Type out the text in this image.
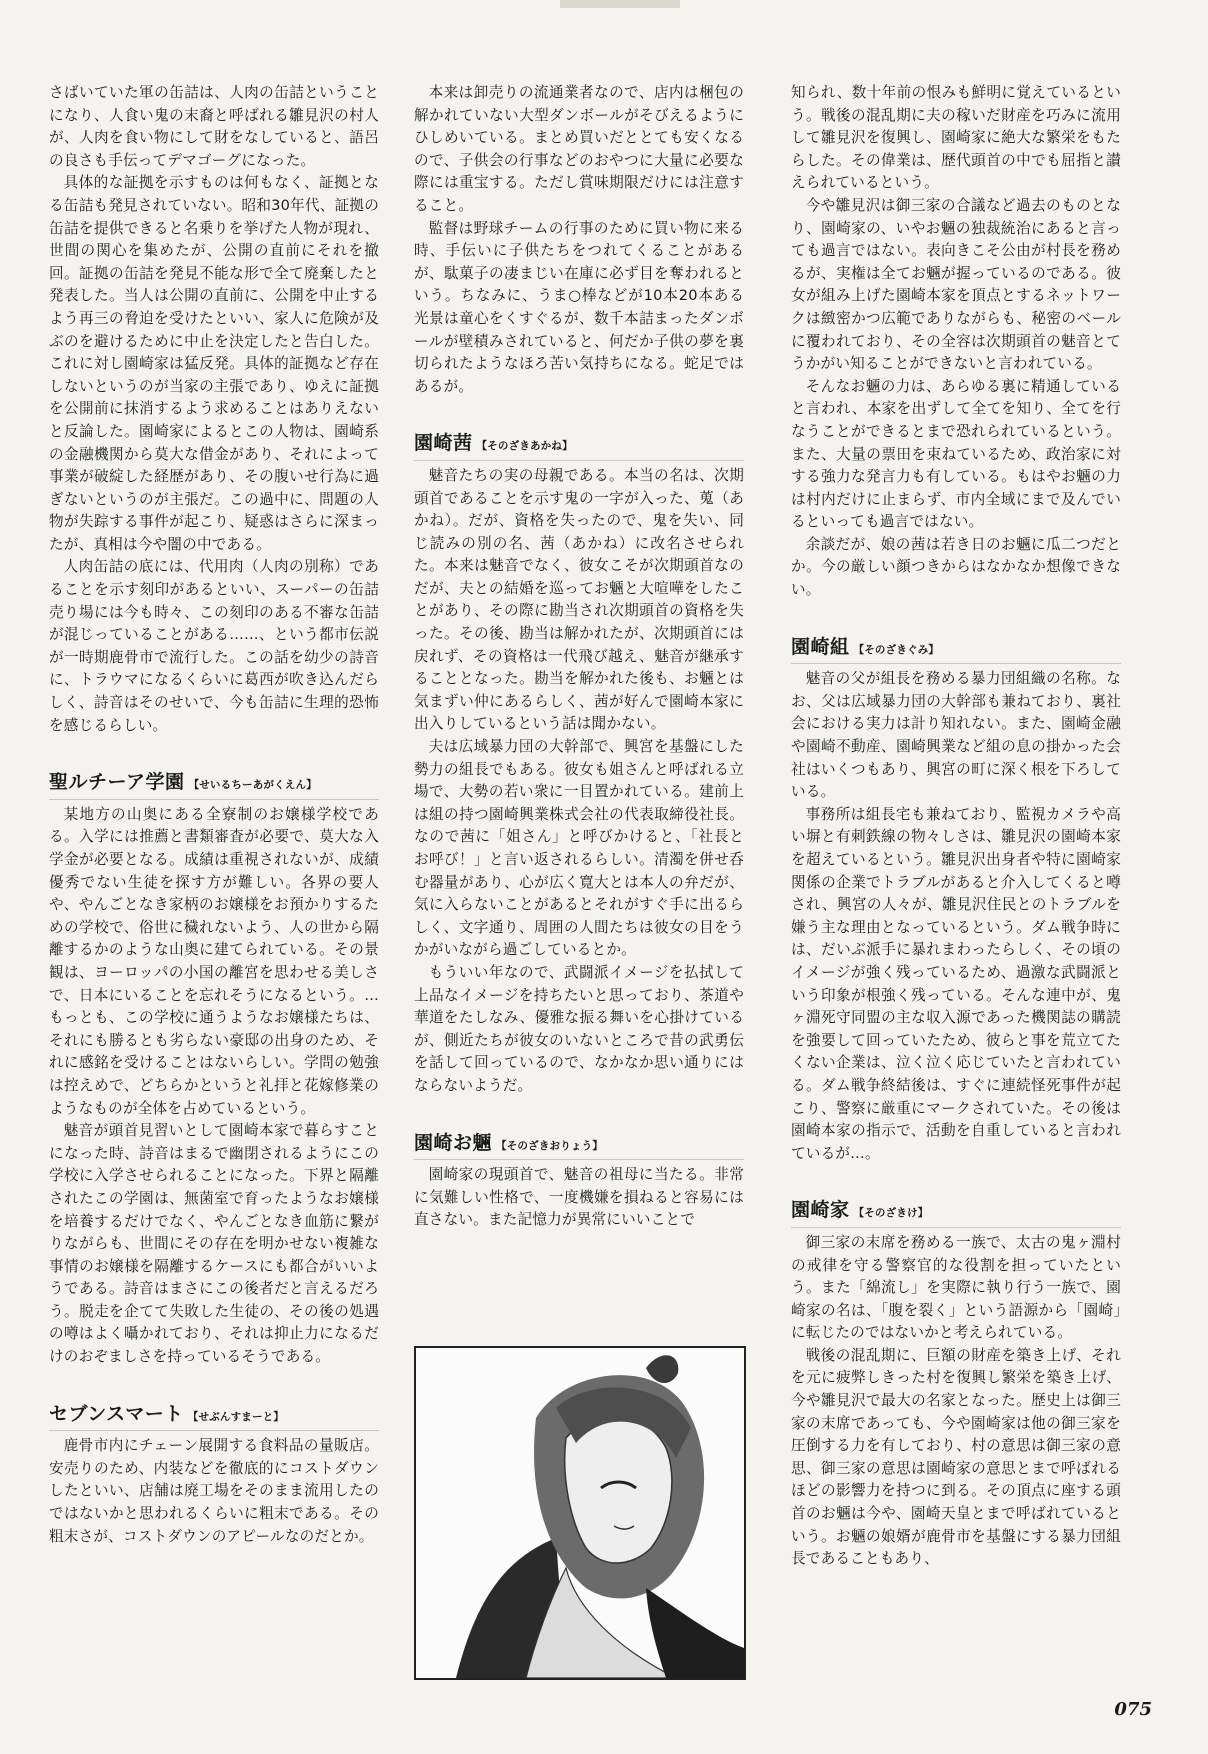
さばいていた軍の缶詰は、人肉の缶詰ということになり、人食い鬼の末裔と呼ばれる雛見沢の村人が、人肉を食い物にして財をなしていると、語呂の良さも手伝ってデマゴーグになった。

具体的な証拠を示すものは何もなく、証拠となる缶詰も発見されていない。昭和30年代、証拠の缶詰を提供できると名乗りを挙げた人物が現れ、世間の関心を集めたが、公開の直前にそれを撤回。証拠の缶詰を発見不能な形で全て廃棄したと発表した。当人は公開の直前に、公開を中止するよう再三の脅迫を受けたといい、家人に危険が及ぶのを避けるために中止を決定したと告白した。これに対し園崎家は猛反発。具体的証拠など存在しないというのが当家の主張であり、ゆえに証拠を公開前に抹消するよう求めることはありえないと反論した。園崎家によるとこの人物は、園崎系の金融機関から莫大な借金があり、それによって事業が破綻した経歴があり、その腹いせ行為に過ぎないというのが主張だ。この過中に、問題の人物が失踪する事件が起こり、疑惑はさらに深まったが、真相は今や闇の中である。

人肉缶詰の底には、代用肉（人肉の別称）であることを示す刻印があるといい、スーパーの缶詰売り場には今も時々、この刻印のある不審な缶詰が混じっていることがある……、という都市伝説が一時期鹿骨市で流行した。この話を幼少の詩音に、トラウマになるくらいに葛西が吹き込んだらしく、詩音はそのせいで、今も缶詰に生理的恐怖を感じるらしい。

聖ルチーア学園 【せいるちーあがくえん】

某地方の山奥にある全寮制のお嬢様学校である。入学には推薦と書類審査が必要で、莫大な入学金が必要となる。成績は重視されないが、成績優秀でない生徒を探す方が難しい。各界の要人や、やんごとなき家柄のお嬢様をお預かりするための学校で、俗世に穢れないよう、人の世から隔離するかのような山奥に建てられている。その景観は、ヨーロッパの小国の離宮を思わせる美しさで、日本にいることを忘れそうになるという。…もっとも、この学校に通うようなお嬢様たちは、それにも勝るとも劣らない豪邸の出身のため、それに感銘を受けることはないらしい。学問の勉強は控えめで、どちらかというと礼拝と花嫁修業のようなものが全体を占めているという。

魅音が頭首見習いとして園崎本家で暮らすことになった時、詩音はまるで幽閉されるようにこの学校に入学させられることになった。下界と隔離されたこの学園は、無菌室で育ったようなお嬢様を培養するだけでなく、やんごとなき血筋に繋がりながらも、世間にその存在を明かせない複雑な事情のお嬢様を隔離するケースにも都合がいいようである。詩音はまさにこの後者だと言えるだろう。脱走を企てて失敗した生徒の、その後の処遇の噂はよく囁かれており、それは抑止力になるだけのおぞましさを持っているそうである。

セブンスマート 【せぶんすまーと】

鹿骨市内にチェーン展開する食料品の量販店。安売りのため、内装などを徹底的にコストダウンしたといい、店舗は廃工場をそのまま流用したのではないかと思われるくらいに粗末である。その粗末さが、コストダウンのアピールなのだとか。

本来は卸売りの流通業者なので、店内は梱包の解かれていない大型ダンボールがそびえるようにひしめいている。まとめ買いだととても安くなるので、子供会の行事などのおやつに大量に必要な際には重宝する。ただし賞味期限だけには注意すること。

監督は野球チームの行事のために買い物に来る時、手伝いに子供たちをつれてくることがあるが、駄菓子の凄まじい在庫に必ず目を奪われるという。ちなみに、うま○棒などが10本20本ある光景は童心をくすぐるが、数千本詰まったダンボールが壁積みされていると、何だか子供の夢を裏切られたようなほろ苦い気持ちになる。蛇足ではあるが。

園崎茜 【そのざきあかね】

魅音たちの実の母親である。本当の名は、次期頭首であることを示す鬼の一字が入った、蒐（あかね）。だが、資格を失ったので、鬼を失い、同じ読みの別の名、茜（あかね）に改名させられた。本来は魅音でなく、彼女こそが次期頭首なのだが、夫との結婚を巡ってお魎と大喧嘩をしたことがあり、その際に勘当され次期頭首の資格を失った。その後、勘当は解かれたが、次期頭首には戻れず、その資格は一代飛び越え、魅音が継承することとなった。勘当を解かれた後も、お魎とは気まずい仲にあるらしく、茜が好んで園崎本家に出入りしているという話は聞かない。

夫は広域暴力団の大幹部で、興宮を基盤にした勢力の組長でもある。彼女も姐さんと呼ばれる立場で、大勢の若い衆に一目置かれている。建前上は組の持つ園崎興業株式会社の代表取締役社長。なので茜に「姐さん」と呼びかけると、「社長とお呼び！」と言い返されるらしい。清濁を併せ呑む器量があり、心が広く寛大とは本人の弁だが、気に入らないことがあるとそれがすぐ手に出るらしく、文字通り、周囲の人間たちは彼女の目をうかがいながら過ごしているとか。

もういい年なので、武闘派イメージを払拭して上品なイメージを持ちたいと思っており、茶道や華道をたしなみ、優雅な振る舞いを心掛けているが、側近たちが彼女のいないところで昔の武勇伝を話して回っているので、なかなか思い通りにはならないようだ。

園崎お魎 【そのざきおりょう】

園崎家の現頭首で、魅音の祖母に当たる。非常に気難しい性格で、一度機嫌を損ねると容易には直さない。また記憶力が異常にいいことで

知られ、数十年前の恨みも鮮明に覚えているという。戦後の混乱期に夫の稼いだ財産を巧みに流用して雛見沢を復興し、園崎家に絶大な繁栄をもたらした。その偉業は、歴代頭首の中でも屈指と讃えられているという。

今や雛見沢は御三家の合議など過去のものとなり、園崎家の、いやお魎の独裁統治にあると言っても過言ではない。表向きこそ公由が村長を務めるが、実権は全てお魎が握っているのである。彼女が組み上げた園崎本家を頂点とするネットワークは緻密かつ広範でありながらも、秘密のベールに覆われており、その全容は次期頭首の魅音とてうかがい知ることができないと言われている。

そんなお魎の力は、あらゆる裏に精通していると言われ、本家を出ずして全てを知り、全てを行なうことができるとまで恐れられているという。また、大量の票田を束ねているため、政治家に対する強力な発言力も有している。もはやお魎の力は村内だけに止まらず、市内全域にまで及んでいるといっても過言ではない。

余談だが、娘の茜は若き日のお魎に瓜二つだとか。今の厳しい顔つきからはなかなか想像できない。

園崎組 【そのざきぐみ】

魅音の父が組長を務める暴力団組織の名称。なお、父は広域暴力団の大幹部も兼ねており、裏社会における実力は計り知れない。また、園崎金融や園崎不動産、園崎興業など組の息の掛かった会社はいくつもあり、興宮の町に深く根を下ろしている。

事務所は組長宅も兼ねており、監視カメラや高い塀と有刺鉄線の物々しさは、雛見沢の園崎本家を超えているという。雛見沢出身者や特に園崎家関係の企業でトラブルがあると介入してくると噂され、興宮の人々が、雛見沢住民とのトラブルを嫌う主な理由となっているという。ダム戦争時には、だいぶ派手に暴れまわったらしく、その頃のイメージが強く残っているため、過激な武闘派という印象が根強く残っている。そんな連中が、鬼ヶ淵死守同盟の主な収入源であった機関誌の購読を強要して回っていたため、彼らと事を荒立てたくない企業は、泣く泣く応じていたと言われている。ダム戦争終結後は、すぐに連続怪死事件が起こり、警察に厳重にマークされていた。その後は園崎本家の指示で、活動を自重していると言われているが…。

園崎家 【そのざきけ】

御三家の末席を務める一族で、太古の鬼ヶ淵村の戒律を守る警察官的な役割を担っていたという。また「綿流し」を実際に執り行う一族で、園崎家の名は、「腹を裂く」という語源から「園崎」に転じたのではないかと考えられている。

戦後の混乱期に、巨額の財産を築き上げ、それを元に疲弊しきった村を復興し繁栄を築き上げ、今や雛見沢で最大の名家となった。歴史上は御三家の末席であっても、今や園崎家は他の御三家を圧倒する力を有しており、村の意思は御三家の意思、御三家の意思は園崎家の意思とまで呼ばれるほどの影響力を持つに到る。その頂点に座する頭首のお魎は今や、園崎天皇とまで呼ばれているという。お魎の娘婿が鹿骨市を基盤にする暴力団組長であることもあり、

075
